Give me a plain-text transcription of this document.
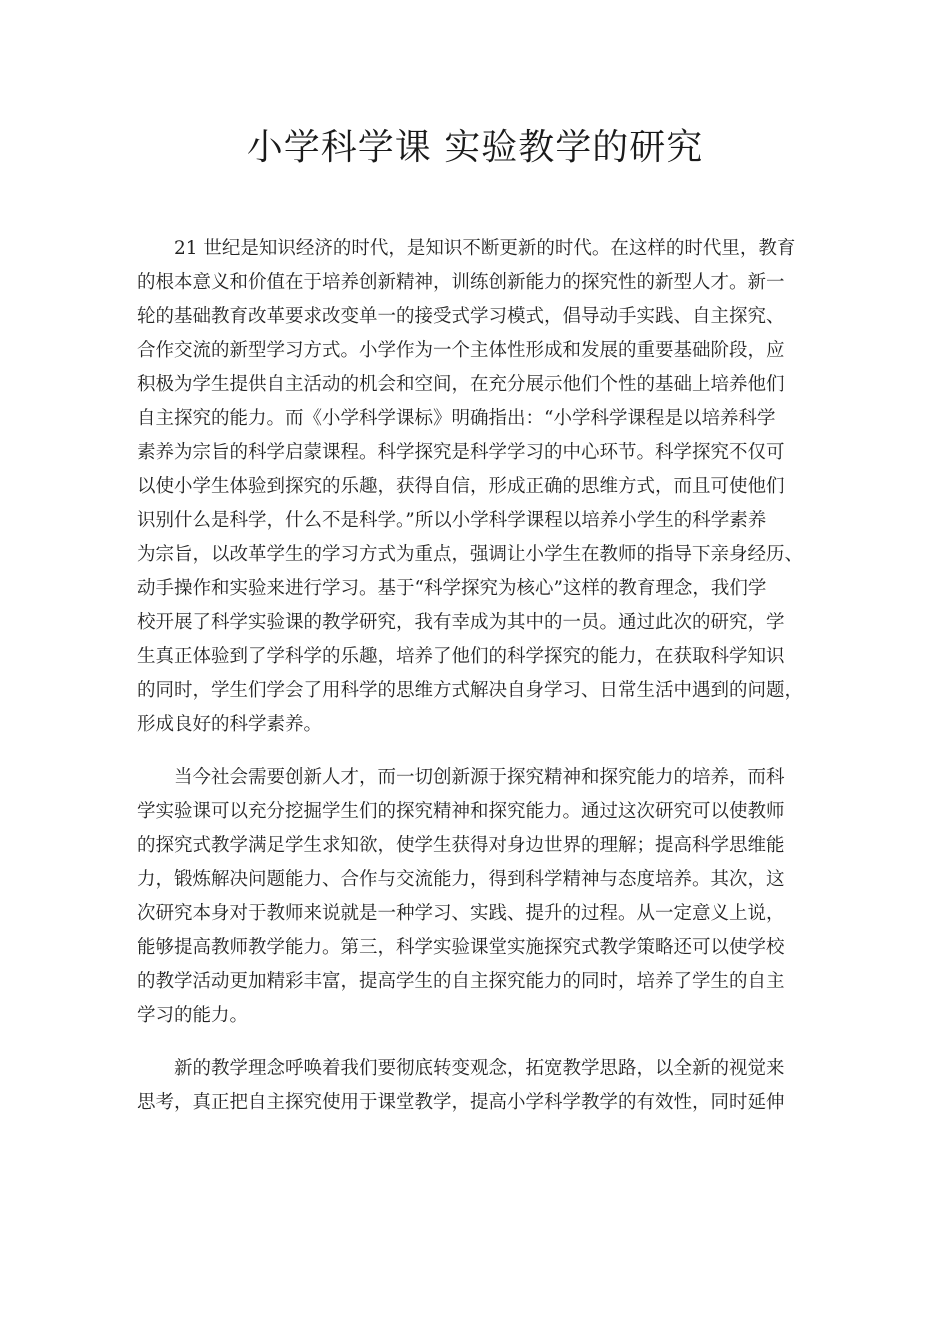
小学科学课 实验教学的研究
21 世纪是知识经济的时代，是知识不断更新的时代。在这样的时代里，教育
的根本意义和价值在于培养创新精神，训练创新能力的探究性的新型人才。新一
轮的基础教育改革要求改变单一的接受式学习模式，倡导动手实践、自主探究、
合作交流的新型学习方式。小学作为一个主体性形成和发展的重要基础阶段，应
积极为学生提供自主活动的机会和空间，在充分展示他们个性的基础上培养他们
自主探究的能力。而《小学科学课标》明确指出：“小学科学课程是以培养科学
素养为宗旨的科学启蒙课程。科学探究是科学学习的中心环节。科学探究不仅可
以使小学生体验到探究的乐趣，获得自信，形成正确的思维方式，而且可使他们
识别什么是科学，什么不是科学。”所以小学科学课程以培养小学生的科学素养
为宗旨，以改革学生的学习方式为重点，强调让小学生在教师的指导下亲身经历、
动手操作和实验来进行学习。基于“科学探究为核心”这样的教育理念，我们学
校开展了科学实验课的教学研究，我有幸成为其中的一员。通过此次的研究，学
生真正体验到了学科学的乐趣，培养了他们的科学探究的能力，在获取科学知识
的同时，学生们学会了用科学的思维方式解决自身学习、日常生活中遇到的问题，
形成良好的科学素养。
当今社会需要创新人才，而一切创新源于探究精神和探究能力的培养，而科
学实验课可以充分挖掘学生们的探究精神和探究能力。通过这次研究可以使教师
的探究式教学满足学生求知欲，使学生获得对身边世界的理解；提高科学思维能
力，锻炼解决问题能力、合作与交流能力，得到科学精神与态度培养。其次，这
次研究本身对于教师来说就是一种学习、实践、提升的过程。从一定意义上说，
能够提高教师教学能力。第三，科学实验课堂实施探究式教学策略还可以使学校
的教学活动更加精彩丰富，提高学生的自主探究能力的同时，培养了学生的自主
学习的能力。
新的教学理念呼唤着我们要彻底转变观念，拓宽教学思路，以全新的视觉来
思考，真正把自主探究使用于课堂教学，提高小学科学教学的有效性，同时延伸
